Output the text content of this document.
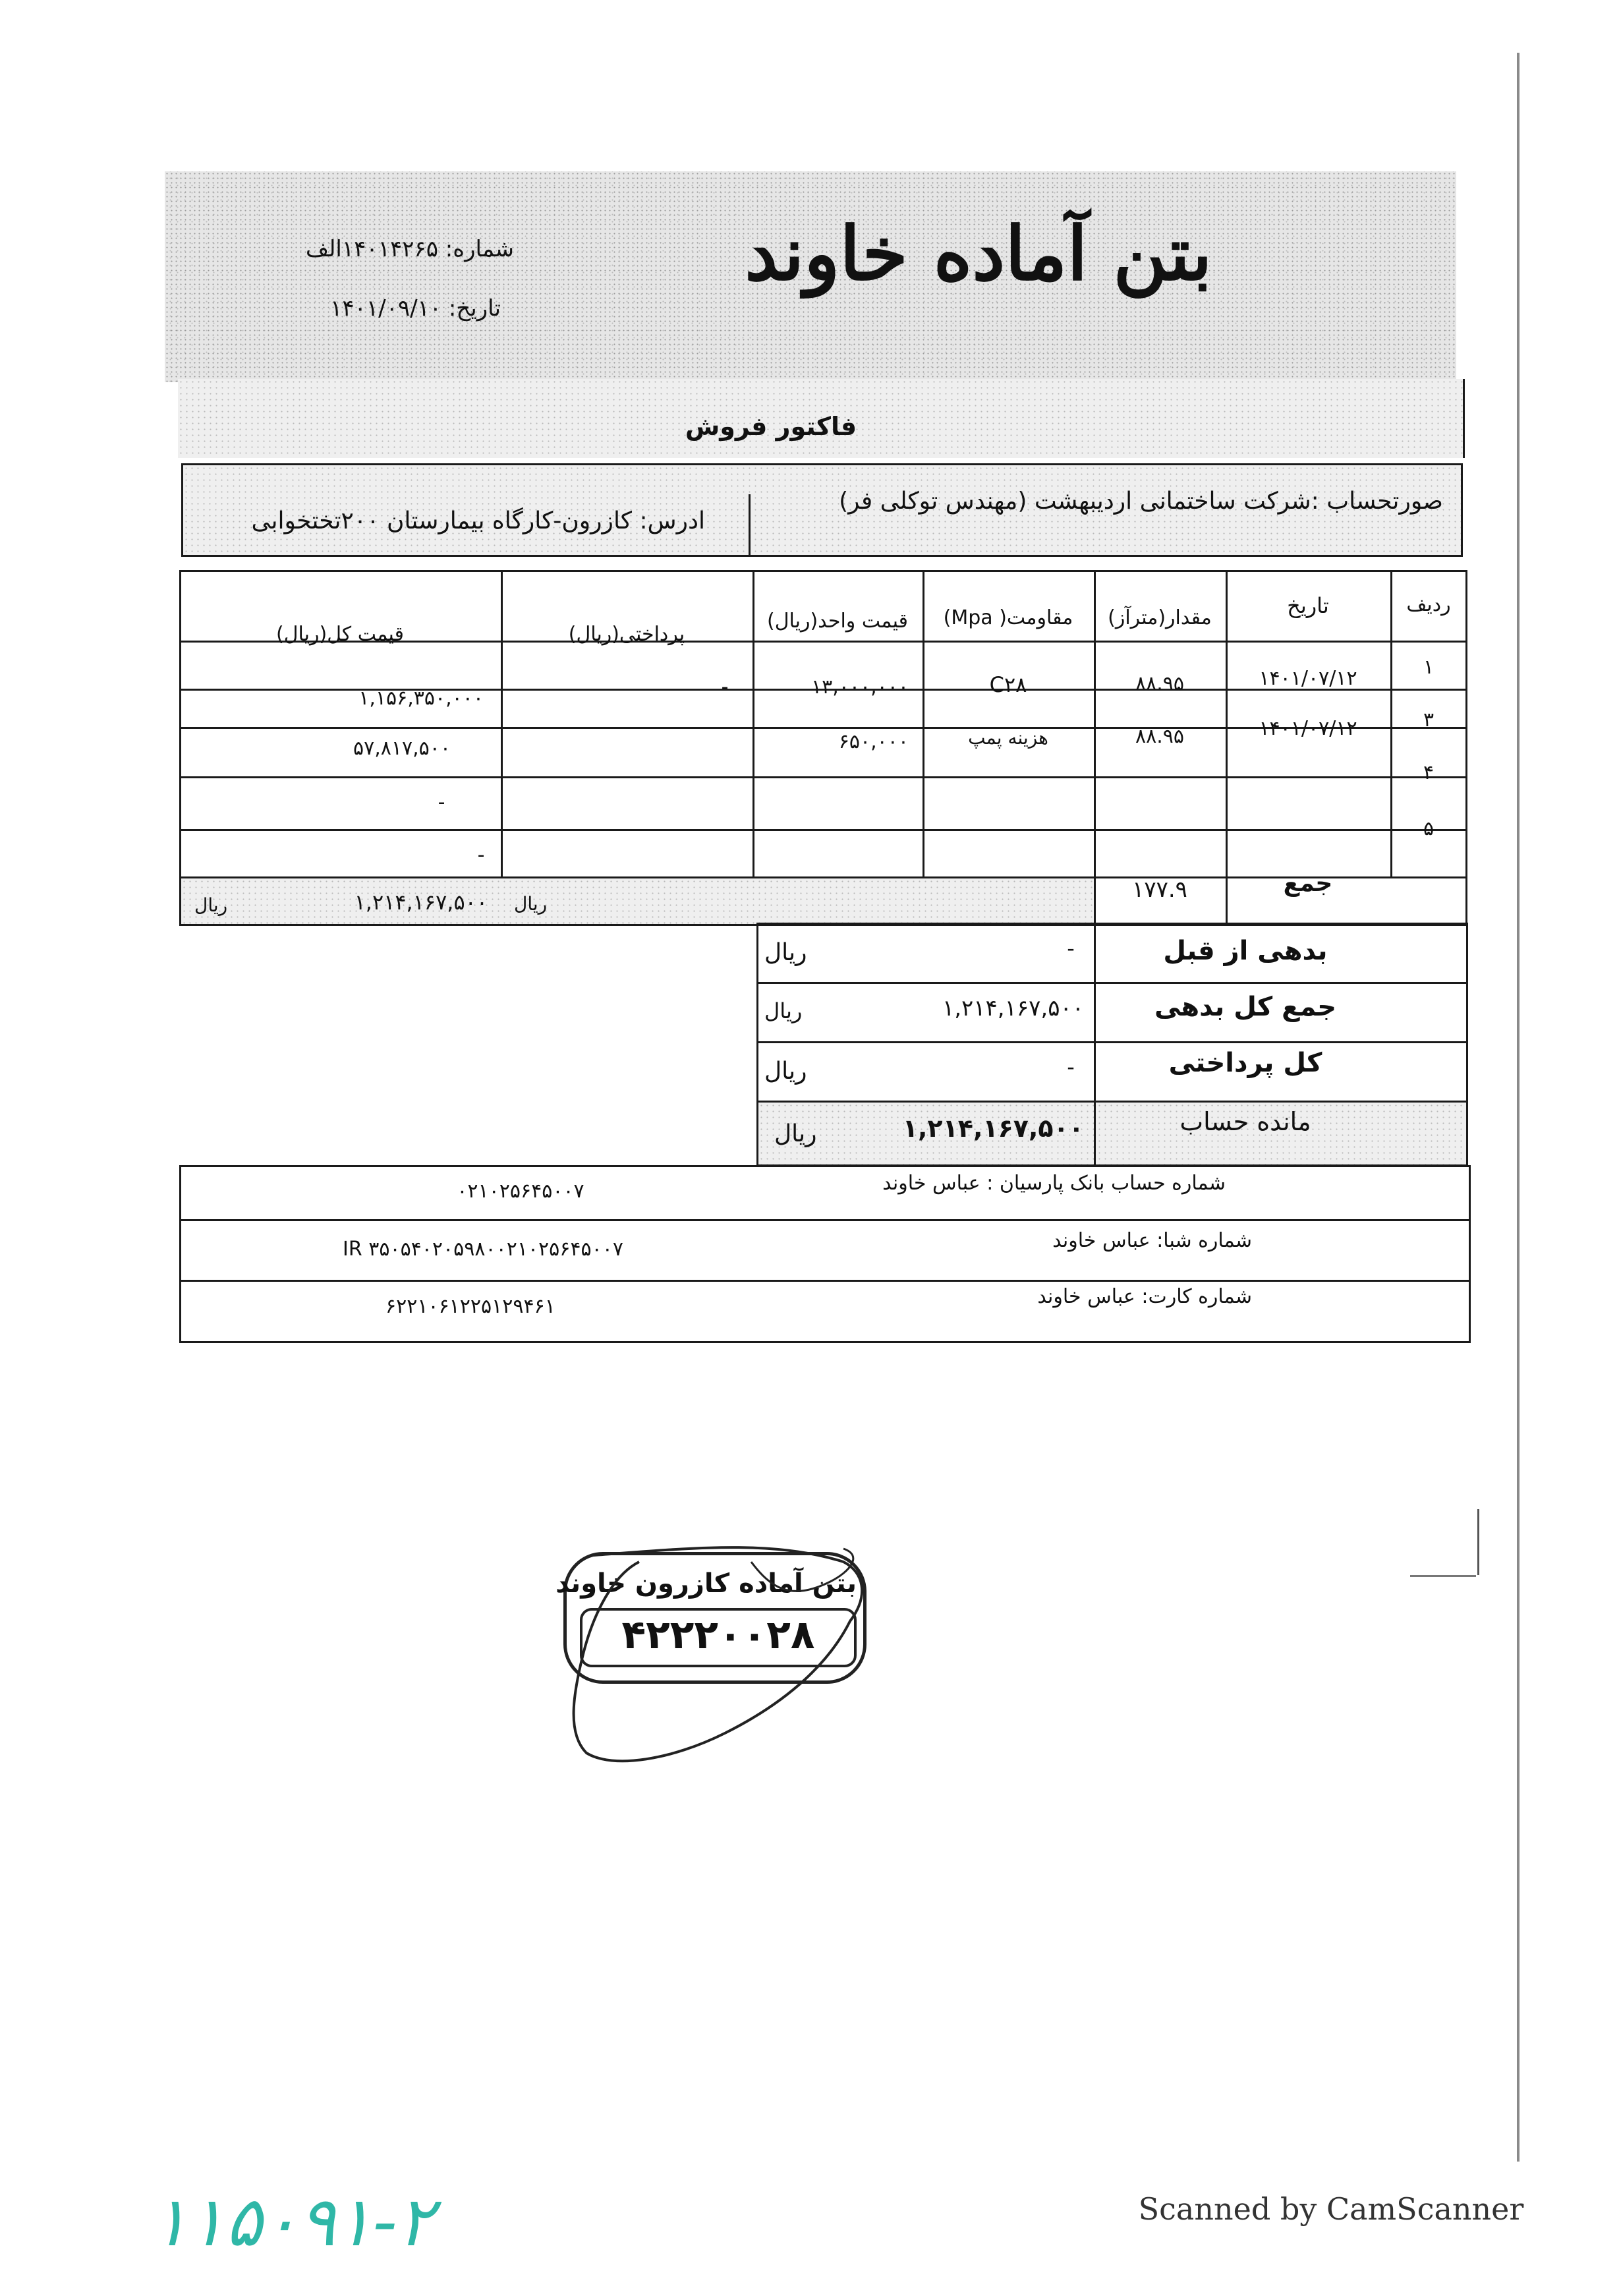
بتن آماده خاوند
شماره: ۱۴۰۱۴۲۶۵الف
تاریخ: ۱۴۰۱/۰۹/۱۰
فاکتور فروش
صورتحساب :شرکت ساختمانی اردیبهشت (مهندس توکلی فر)
ادرس: کازرون-کارگاه بیمارستان ۲۰۰تختخوابی
ردیف
تاریخ
مقدار(مترآز)
مقاومت( Mpa)
قیمت واحد(ریال)
پرداختی(ریال)
قیمت کل(ریال)
۱
۱۴۰۱/۰۷/۱۲
۸۸.۹۵
C۲۸
۱۳,۰۰۰,۰۰۰
-
۱,۱۵۶,۳۵۰,۰۰۰
۳
۱۴۰۱/۰۷/۱۲
۸۸.۹۵
هزینه پمپ
۶۵۰,۰۰۰
۵۷,۸۱۷,۵۰۰
۴
-
۵
-
جمع
۱۷۷.۹
ریال
۱,۲۱۴,۱۶۷,۵۰۰
ریال
بدهی از قبل
-
ریال
جمع کل بدهی
۱,۲۱۴,۱۶۷,۵۰۰
ریال
کل پرداختی
-
ریال
مانده حساب
۱,۲۱۴,۱۶۷,۵۰۰
ریال
شماره حساب بانک پارسیان : عباس خاوند
۰۲۱۰۲۵۶۴۵۰۰۷
شماره شبا: عباس خاوند
IR ۳۵۰۵۴۰۲۰۵۹۸۰۰۲۱۰۲۵۶۴۵۰۰۷
شماره کارت: عباس خاوند
۶۲۲۱۰۶۱۲۲۵۱۲۹۴۶۱
بتن آماده کازرون خاوند
۴۲۲۲۰۰۲۸
۱۱۵۰۹۱-۲	Scanned by CamScanner
